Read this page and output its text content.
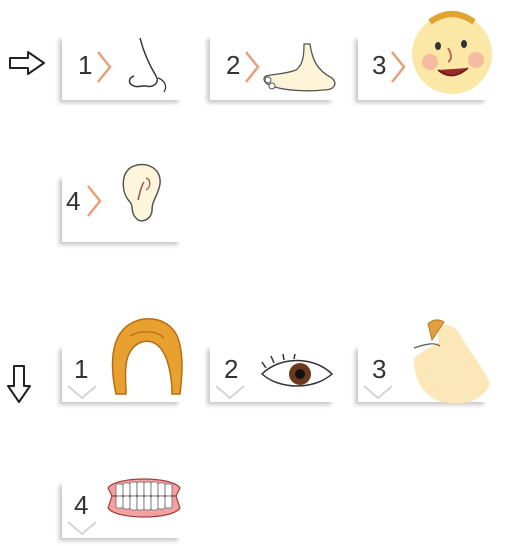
1	2	3
4
1	2	3
4
